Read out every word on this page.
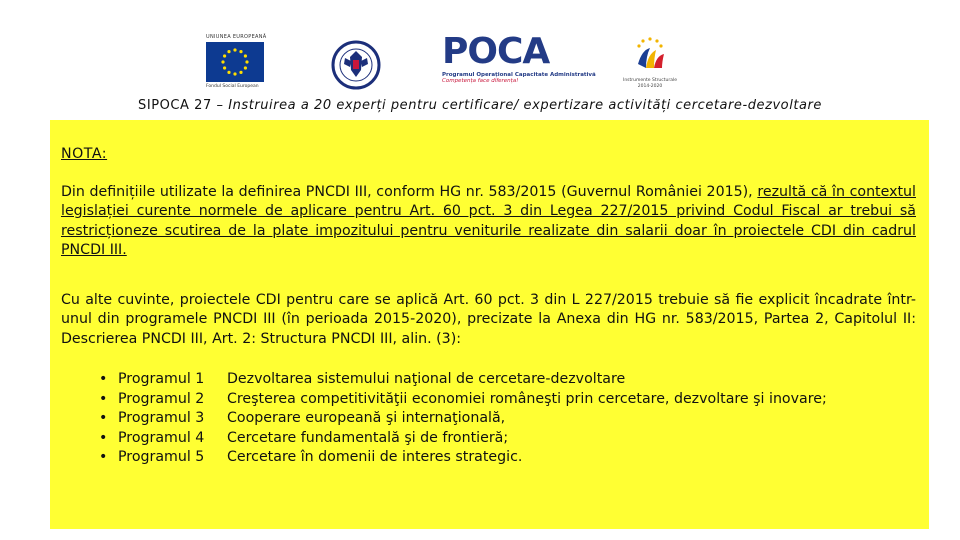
UNIUNEA EUROPEANĂ
Fondul Social European
POCA
Programul Operațional Capacitate Administrativă
Competența face diferența!	Instrumente Structurale
2014-2020
SIPOCA 27 – Instruirea a 20 experți pentru certificare/ expertizare activități cercetare-dezvoltare

NOTA:

Din definițiile utilizate la definirea PNCDI III, conform HG nr. 583/2015 (Guvernul României 2015), rezultă că în contextul legislației curente normele de aplicare pentru Art. 60 pct. 3 din Legea 227/2015 privind Codul Fiscal ar trebui să restricționeze scutirea de la plate impozitului pentru veniturile realizate din salarii doar în proiectele CDI din cadrul PNCDI III.

Cu alte cuvinte, proiectele CDI pentru care se aplică Art. 60 pct. 3 din L 227/2015 trebuie să fie explicit încadrate într-unul din programele PNCDI III (în perioada 2015-2020), precizate la Anexa din HG nr. 583/2015, Partea 2, Capitolul II: Descrierea PNCDI III, Art. 2: Structura PNCDI III, alin. (3):

• Programul 1	Dezvoltarea sistemului naţional de cercetare-dezvoltare
• Programul 2	Creşterea competitivităţii economiei româneşti prin cercetare, dezvoltare şi inovare;
• Programul 3	Cooperare europeană şi internaţională,
• Programul 4	Cercetare fundamentală şi de frontieră;
• Programul 5	Cercetare în domenii de interes strategic.
